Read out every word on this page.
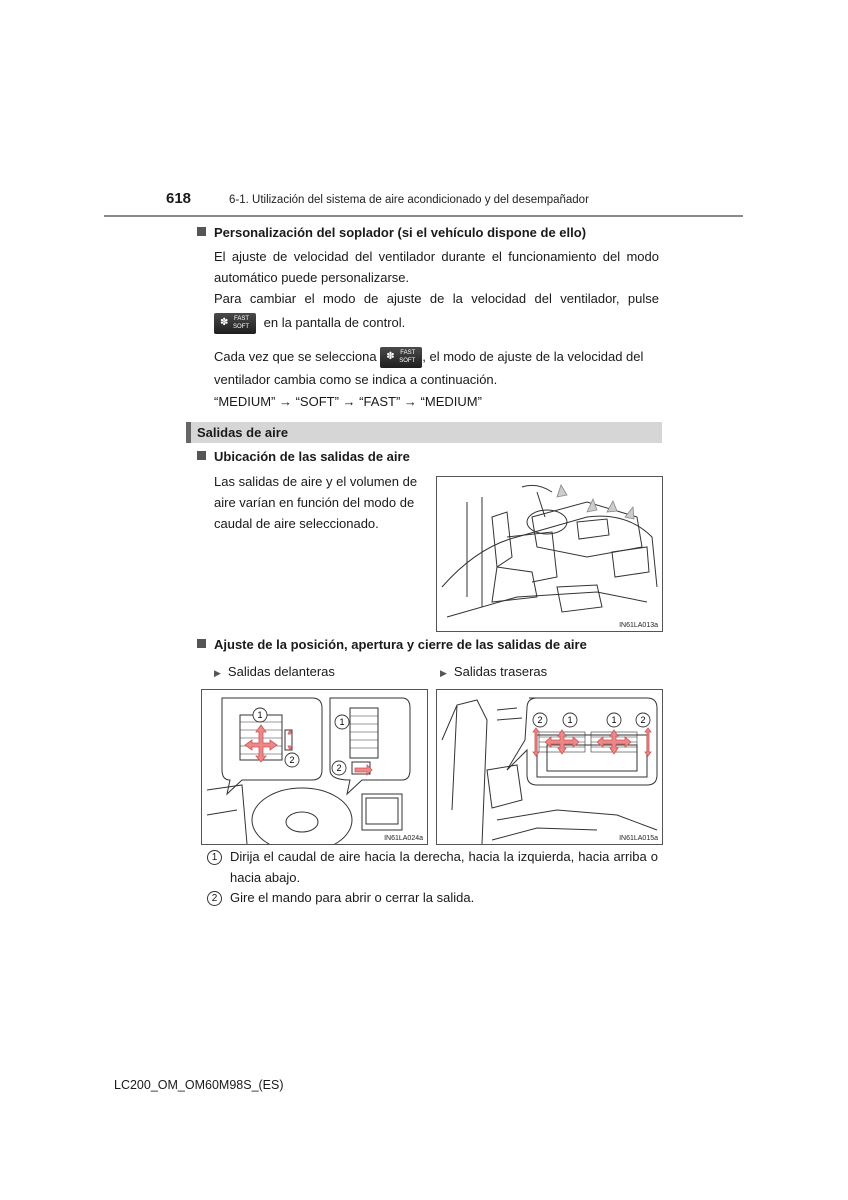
618	6-1. Utilización del sistema de aire acondicionado y del desempañador
Personalización del soplador (si el vehículo dispone de ello)
El ajuste de velocidad del ventilador durante el funcionamiento del modo automático puede personalizarse.
Para cambiar el modo de ajuste de la velocidad del ventilador, pulse
✽ FAST
SOFT en la pantalla de control.
Cada vez que se selecciona ✽ FAST
SOFT , el modo de ajuste de la velocidad del
ventilador cambia como se indica a continuación.
“MEDIUM” → “SOFT” → “FAST” → “MEDIUM”
Salidas de aire
Ubicación de las salidas de aire
Las salidas de aire y el volumen de aire varían en función del modo de caudal de aire seleccionado.
IN61LA013a
Ajuste de la posición, apertura y cierre de las salidas de aire
▶ Salidas delanteras	▶ Salidas traseras
1
2
1
2
IN61LA024a
2	1	1	2
IN61LA015a
1 Dirija el caudal de aire hacia la derecha, hacia la izquierda, hacia arriba o hacia abajo.
2 Gire el mando para abrir o cerrar la salida.
LC200_OM_OM60M98S_(ES)
